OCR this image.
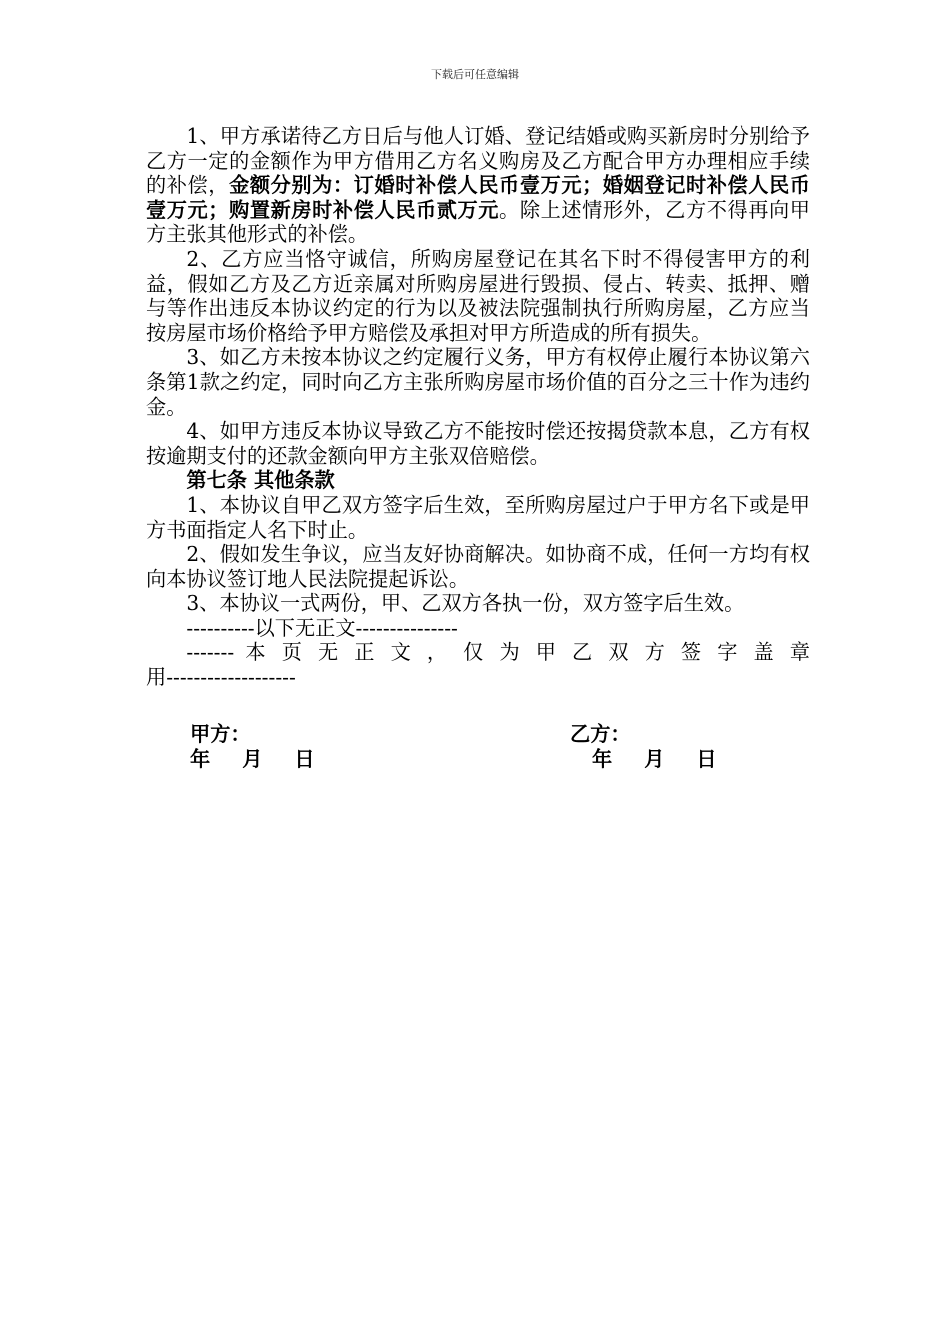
下载后可任意编辑

1、甲方承诺待乙方日后与他人订婚、登记结婚或购买新房时分别给予乙方一定的金额作为甲方借用乙方名义购房及乙方配合甲方办理相应手续的补偿，金额分别为：订婚时补偿人民币壹万元；婚姻登记时补偿人民币壹万元；购置新房时补偿人民币贰万元。除上述情形外，乙方不得再向甲方主张其他形式的补偿。

2、乙方应当恪守诚信，所购房屋登记在其名下时不得侵害甲方的利益，假如乙方及乙方近亲属对所购房屋进行毁损、侵占、转卖、抵押、赠与等作出违反本协议约定的行为以及被法院强制执行所购房屋，乙方应当按房屋市场价格给予甲方赔偿及承担对甲方所造成的所有损失。

3、如乙方未按本协议之约定履行义务，甲方有权停止履行本协议第六条第1款之约定，同时向乙方主张所购房屋市场价值的百分之三十作为违约金。

4、如甲方违反本协议导致乙方不能按时偿还按揭贷款本息，乙方有权按逾期支付的还款金额向甲方主张双倍赔偿。

第七条 其他条款

1、本协议自甲乙双方签字后生效，至所购房屋过户于甲方名下或是甲方书面指定人名下时止。

2、假如发生争议，应当友好协商解决。如协商不成，任何一方均有权向本协议签订地人民法院提起诉讼。

3、本协议一式两份，甲、乙双方各执一份，双方签字后生效。

----------以下无正文---------------

------- 本 页 无 正 文 ， 仅 为 甲 乙 双 方 签 字 盖 章

用-------------------

甲方：	乙方：
年 月 日	年 月 日
